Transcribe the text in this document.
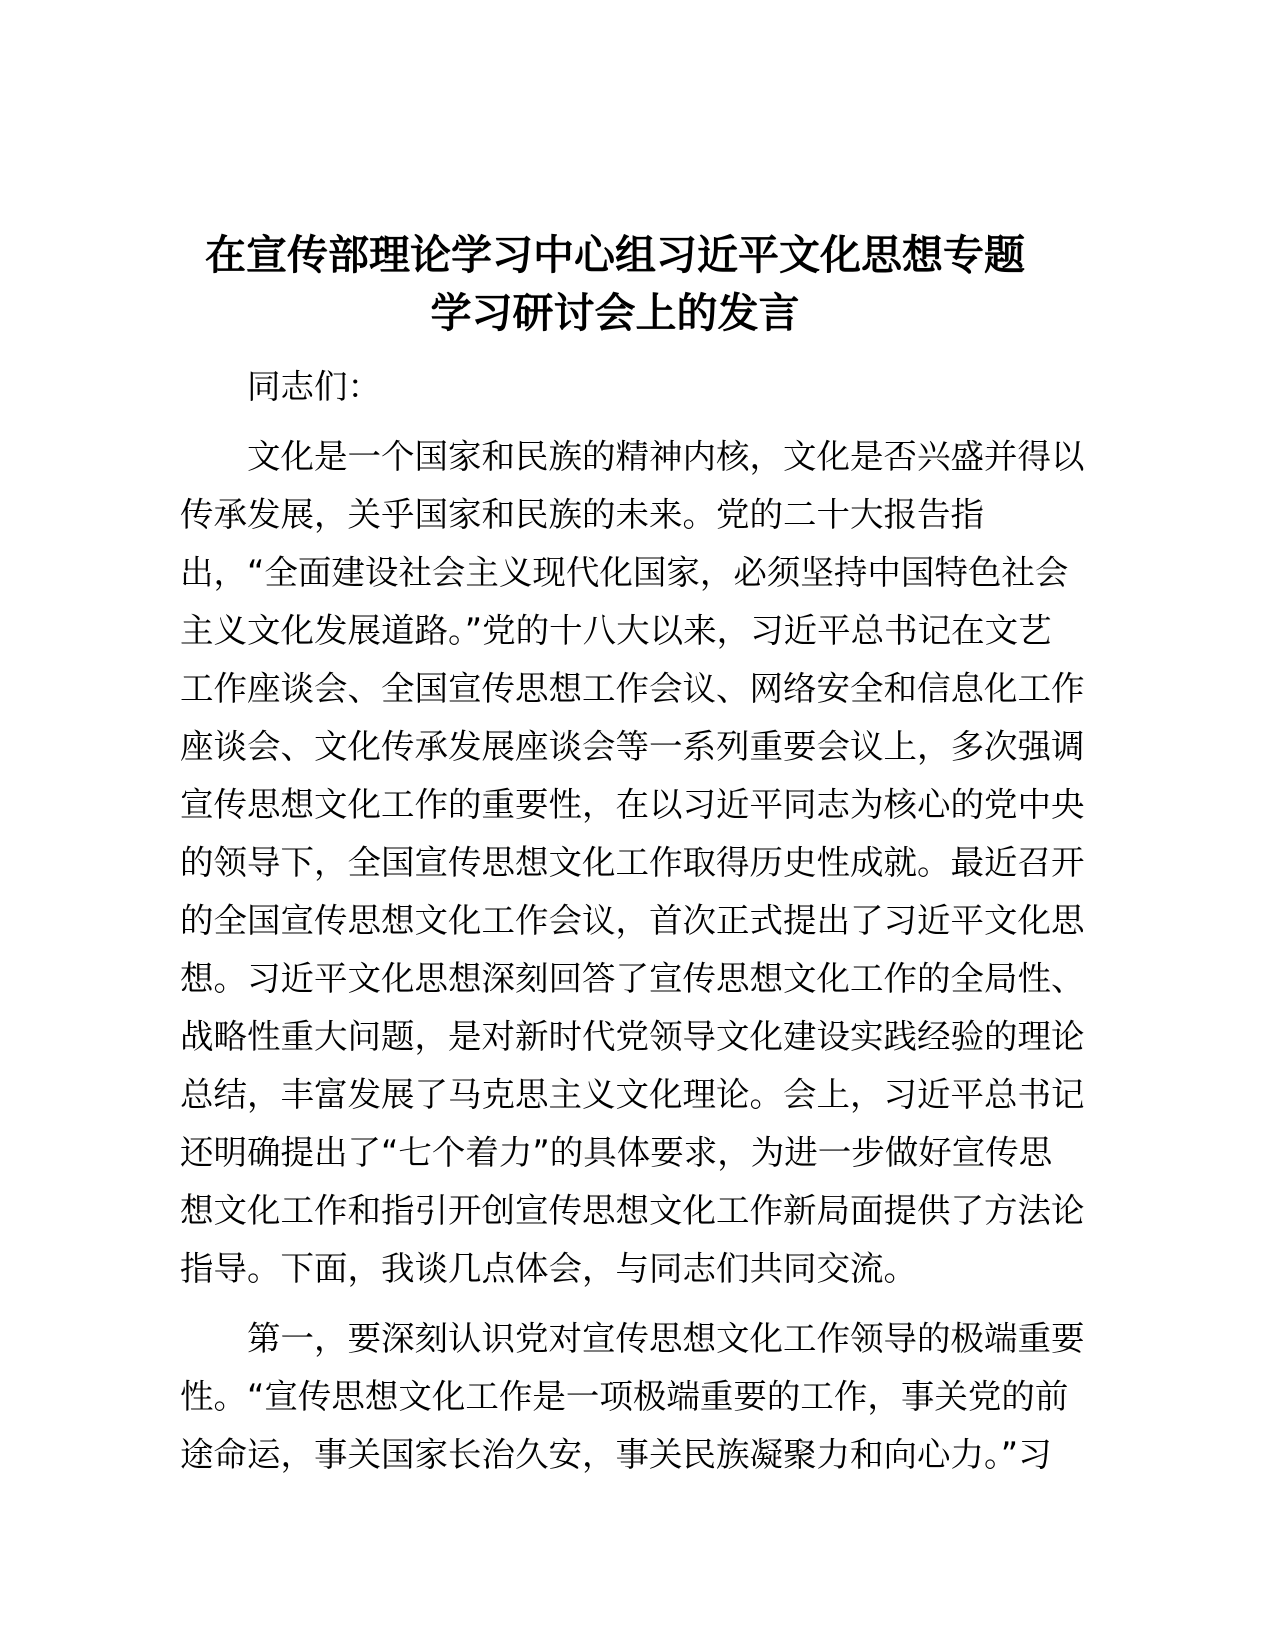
在宣传部理论学习中心组习近平文化思想专题
学习研讨会上的发言

同志们：

文化是一个国家和民族的精神内核，文化是否兴盛并得以
传承发展，关乎国家和民族的未来。党的二十大报告指
出，“全面建设社会主义现代化国家，必须坚持中国特色社会
主义文化发展道路。”党的十八大以来，习近平总书记在文艺
工作座谈会、全国宣传思想工作会议、网络安全和信息化工作
座谈会、文化传承发展座谈会等一系列重要会议上，多次强调
宣传思想文化工作的重要性，在以习近平同志为核心的党中央
的领导下，全国宣传思想文化工作取得历史性成就。最近召开
的全国宣传思想文化工作会议，首次正式提出了习近平文化思
想。习近平文化思想深刻回答了宣传思想文化工作的全局性、
战略性重大问题，是对新时代党领导文化建设实践经验的理论
总结，丰富发展了马克思主义文化理论。会上，习近平总书记
还明确提出了“七个着力”的具体要求，为进一步做好宣传思
想文化工作和指引开创宣传思想文化工作新局面提供了方法论
指导。下面，我谈几点体会，与同志们共同交流。

第一，要深刻认识党对宣传思想文化工作领导的极端重要
性。“宣传思想文化工作是一项极端重要的工作，事关党的前
途命运，事关国家长治久安，事关民族凝聚力和向心力。”习
